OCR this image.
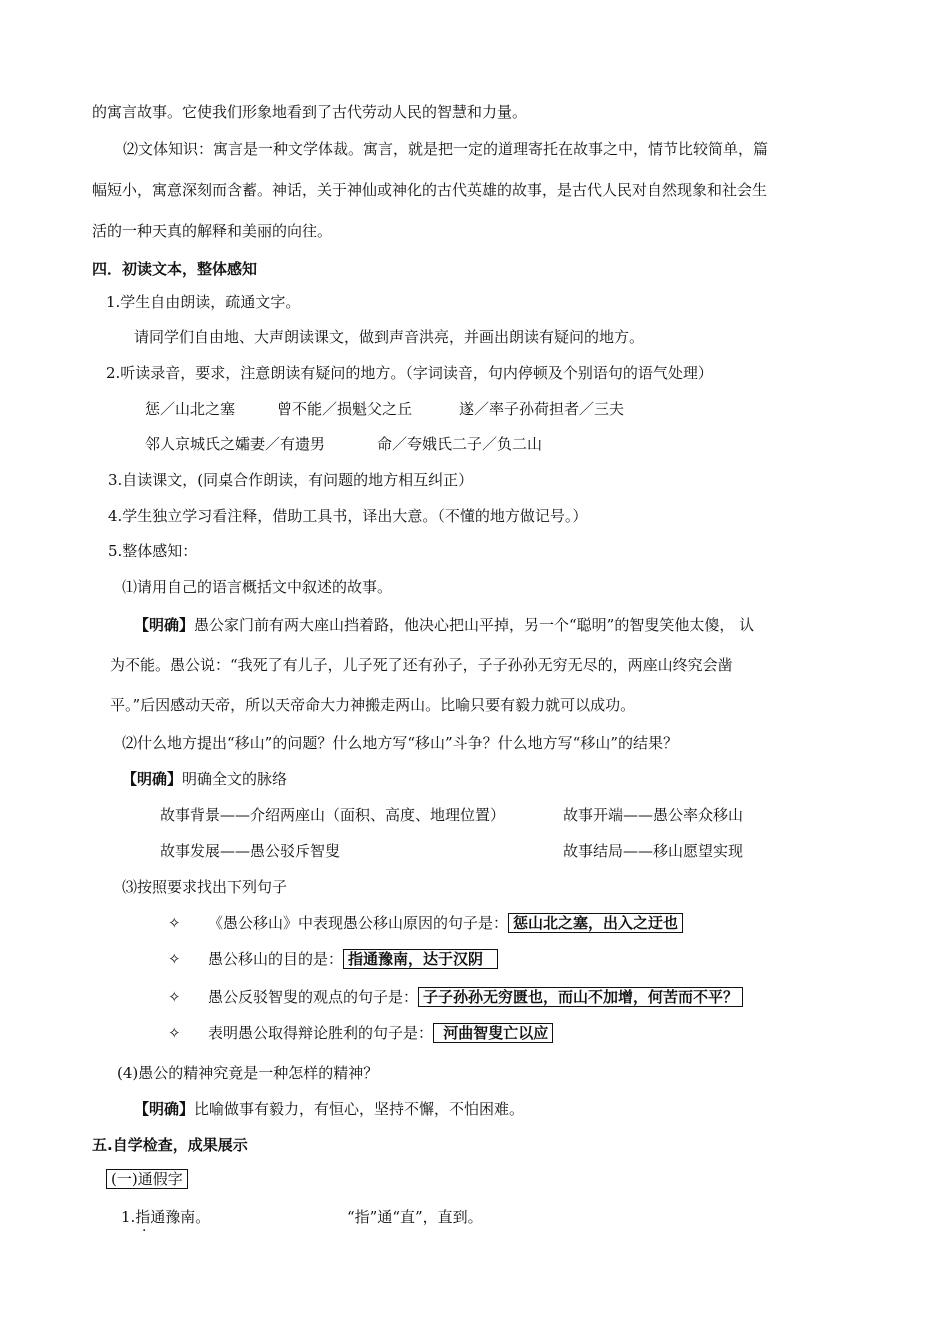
的寓言故事。它使我们形象地看到了古代劳动人民的智慧和力量。
⑵文体知识：寓言是一种文学体裁。寓言，就是把一定的道理寄托在故事之中，情节比较简单，篇
幅短小，寓意深刻而含蓄。神话，关于神仙或神化的古代英雄的故事，是古代人民对自然现象和社会生
活的一种天真的解释和美丽的向往。
四．初读文本，整体感知
1.学生自由朗读，疏通文字。
请同学们自由地、大声朗读课文，做到声音洪亮，并画出朗读有疑问的地方。
2.听读录音，要求，注意朗读有疑问的地方。（字词读音，句内停顿及个别语句的语气处理）
惩／山北之塞	曾不能／损魁父之丘	遂／率子孙荷担者／三夫
邻人京城氏之孀妻／有遗男	命／夸娥氏二子／负二山
3.自读课文，(同桌合作朗读，有问题的地方相互纠正）
4.学生独立学习看注释，借助工具书，译出大意。（不懂的地方做记号。）
5.整体感知：
⑴请用自己的语言概括文中叙述的故事。
【明确】愚公家门前有两大座山挡着路，他决心把山平掉，另一个“聪明”的智叟笑他太傻， 认
为不能。愚公说：“我死了有儿子，儿子死了还有孙子，子子孙孙无穷无尽的，两座山终究会凿
平。”后因感动天帝，所以天帝命大力神搬走两山。比喻只要有毅力就可以成功。
⑵什么地方提出“移山”的问题？什么地方写“移山”斗争？什么地方写“移山”的结果？
【明确】明确全文的脉络
故事背景——介绍两座山（面积、高度、地理位置）	故事开端——愚公率众移山
故事发展——愚公驳斥智叟	故事结局——移山愿望实现
⑶按照要求找出下列句子
✧ 《愚公移山》中表现愚公移山原因的句子是： 惩山北之塞，出入之迂也
✧ 愚公移山的目的是： 指通豫南，达于汉阴
✧ 愚公反驳智叟的观点的句子是： 子子孙孙无穷匮也，而山不加增，何苦而不平？
✧ 表明愚公取得辩论胜利的句子是： 河曲智叟亡以应
(4)愚公的精神究竟是一种怎样的精神？
【明确】比喻做事有毅力，有恒心，坚持不懈，不怕困难。
五.自学检查，成果展示
(一)通假字
1.指通豫南。	“指”通“直”，直到。
·
